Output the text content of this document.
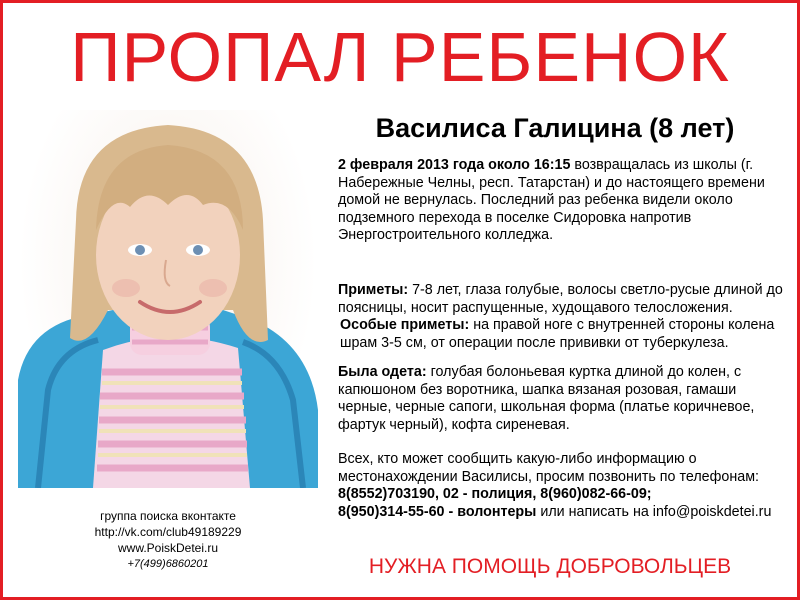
ПРОПАЛ РЕБЕНОК
группа поиска вконтакте
http://vk.com/club49189229
www.PoiskDetei.ru
+7(499)6860201
Василиса Галицина (8 лет)
2 февраля 2013 года около 16:15 возвращалась из школы (г. Набережные Челны, респ. Татарстан) и до настоящего времени домой не вернулась. Последний раз ребенка видели около подземного перехода в поселке Сидоровка напротив Энергостроительного колледжа.
Приметы: 7-8 лет, глаза голубые, волосы светло-русые длиной до поясницы, носит распущенные, худощавого телосложения.
Особые приметы: на правой ноге с внутренней стороны колена шрам 3-5 см, от операции после прививки от туберкулеза.
Была одета: голубая болоньевая куртка длиной до колен, с капюшоном без воротника, шапка вязаная розовая, гамаши черные, черные сапоги, школьная форма (платье коричневое, фартук черный), кофта сиреневая.
Всех, кто может сообщить какую-либо информацию о местонахождении Василисы, просим позвонить по телефонам:
8(8552)703190, 02 - полиция, 8(960)082-66-09;
8(950)314-55-60 - волонтеры или написать на info@poiskdetei.ru
НУЖНА ПОМОЩЬ ДОБРОВОЛЬЦЕВ
